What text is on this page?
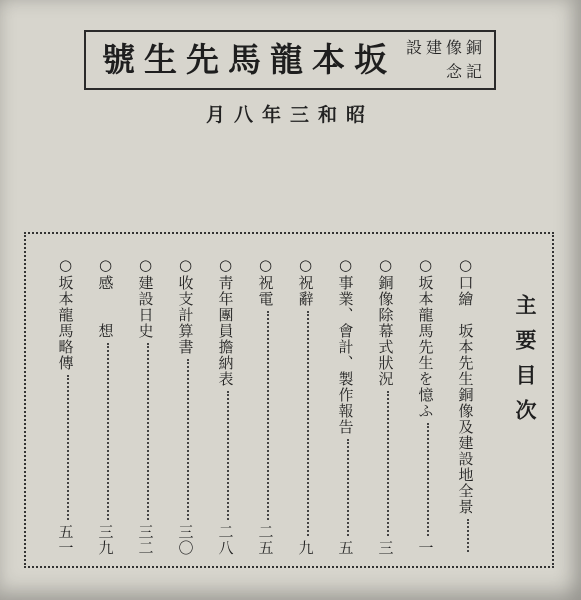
坂本龍馬先生號 銅像建設
記念
昭和三年八月
主要目次
○口繪　坂本先生銅像及建設地全景
○坂本龍馬先生を憶ふ
一
○銅像除幕式狀況
三
○事業、會計、製作報告
五
○祝辭
九
○祝電
二五
○靑年團員擔納表
二八
○收支計算書
三〇
○建設日史
三二
○感　　想
三九
○坂本龍馬略傳
五一
